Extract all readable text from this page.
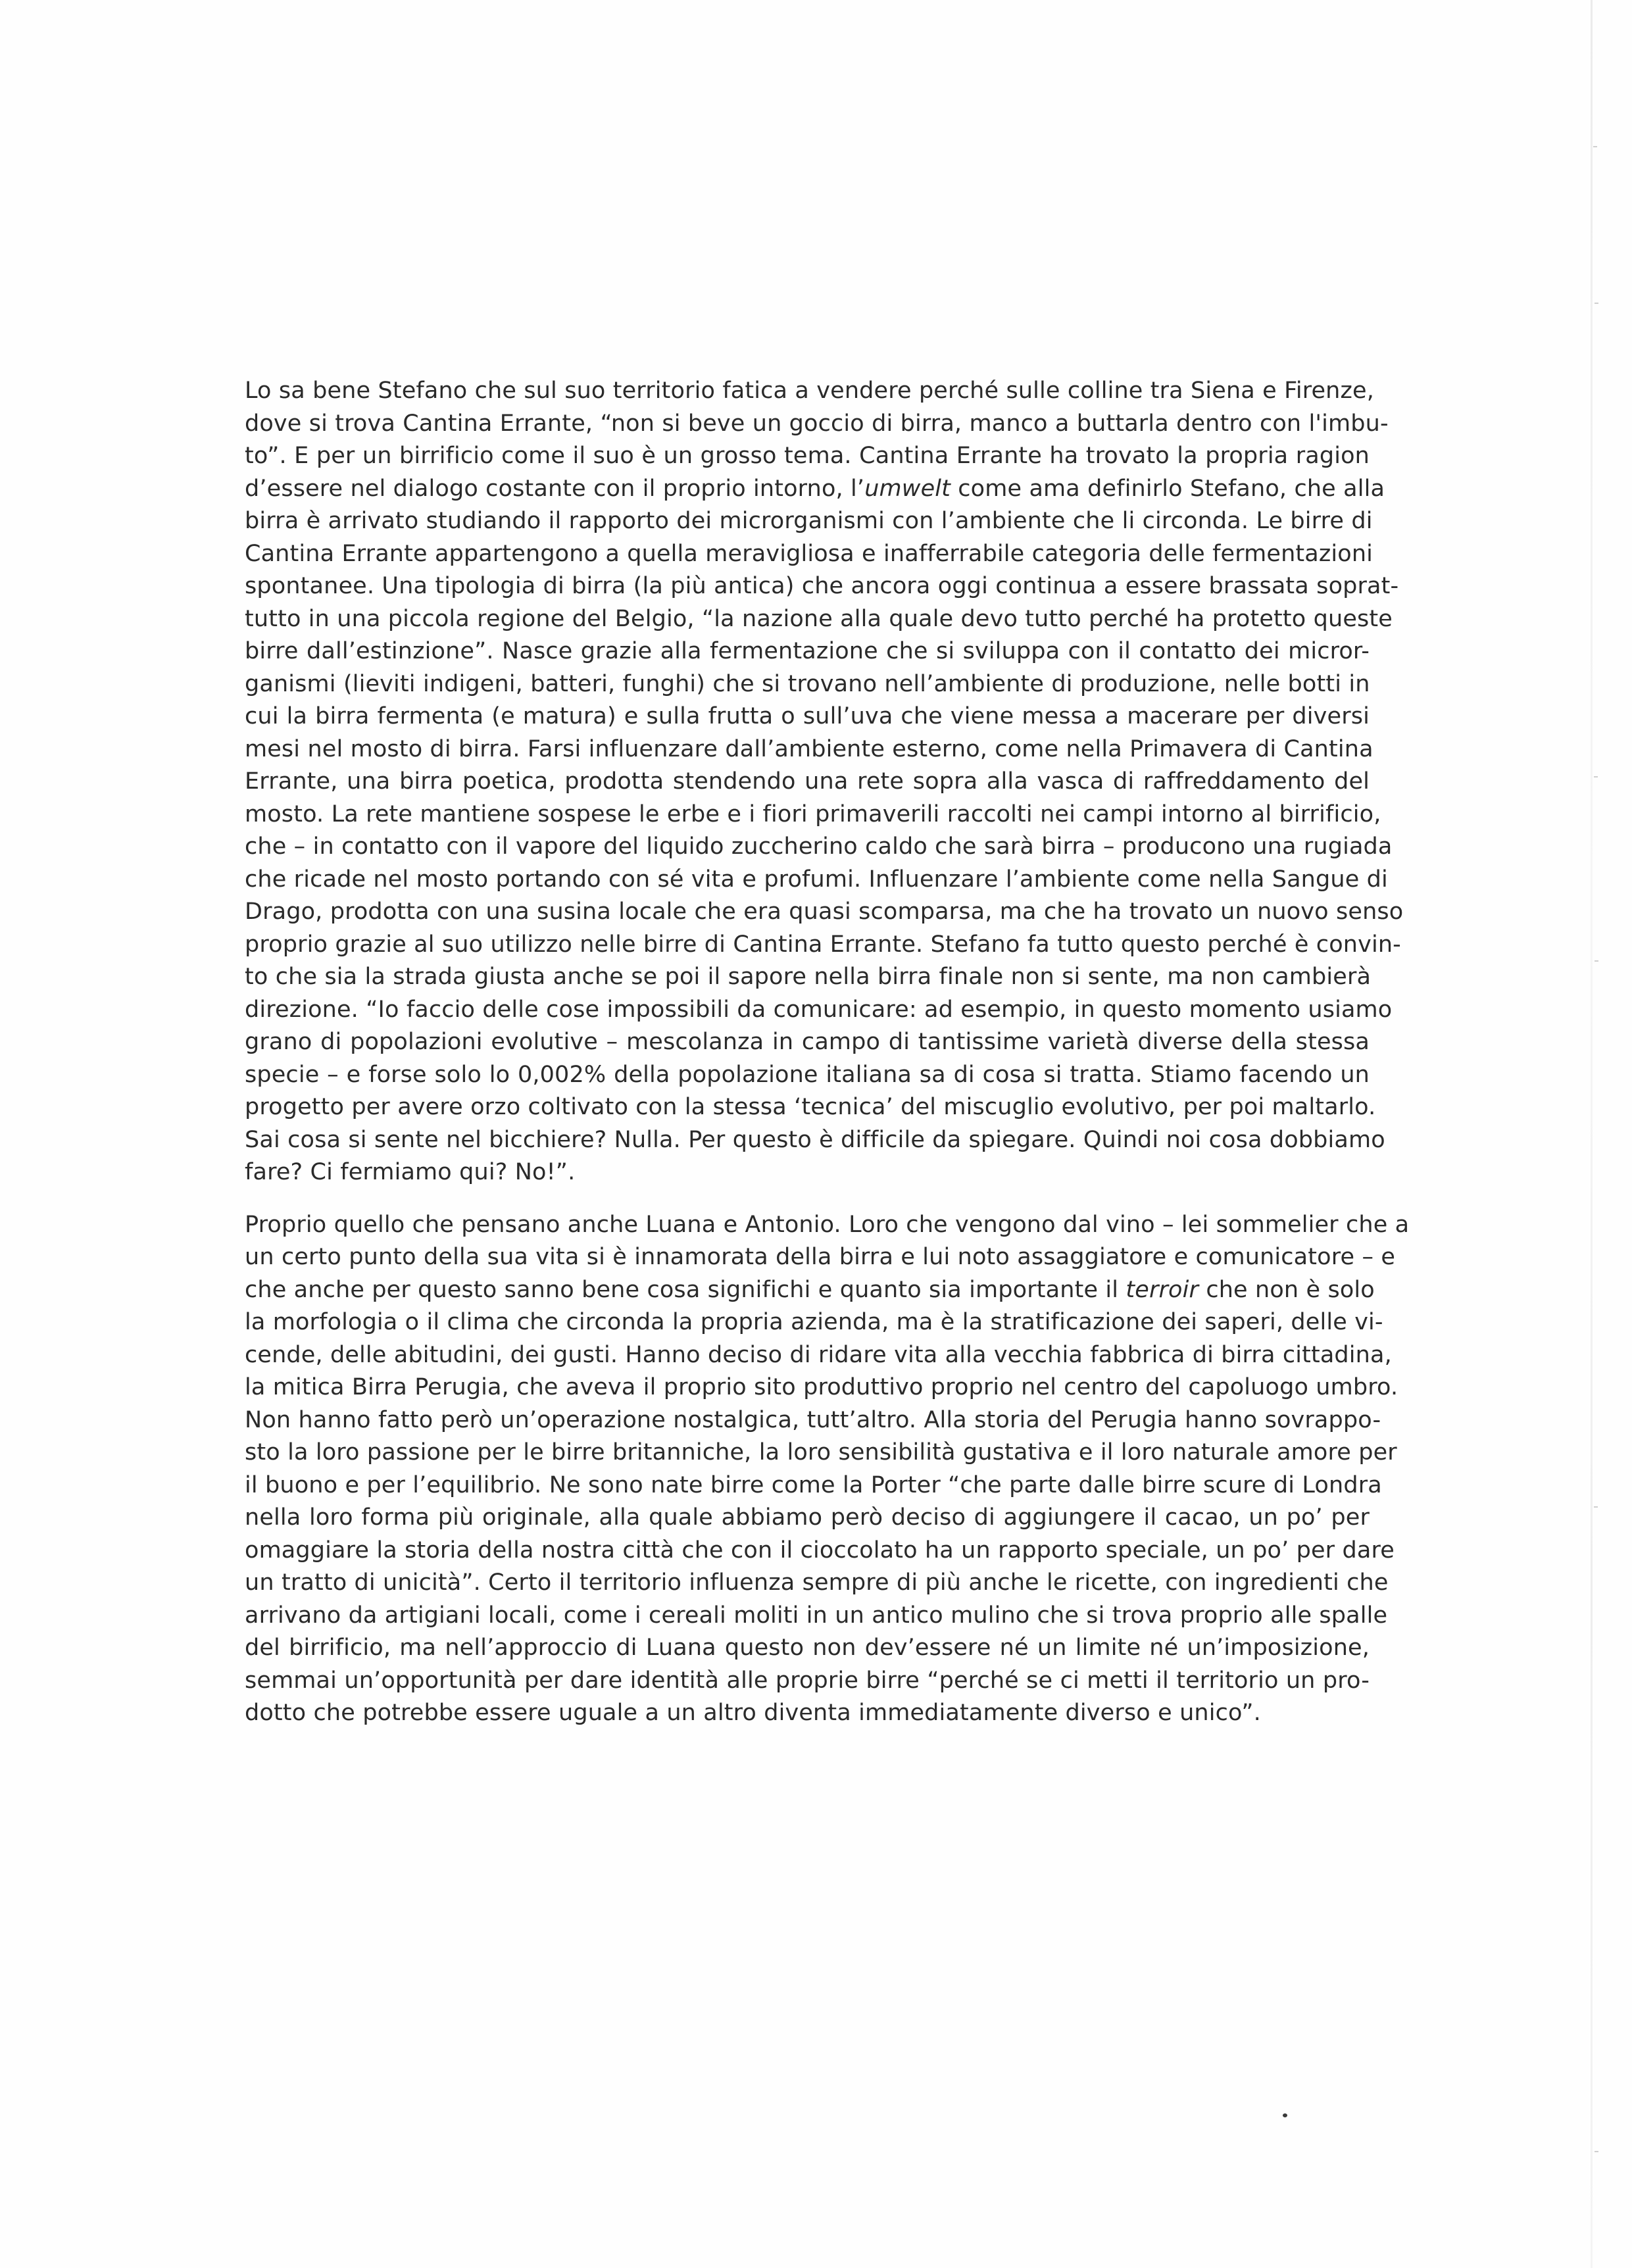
Lo sa bene Stefano che sul suo territorio fatica a vendere perché sulle colline tra Siena e Firenze,
dove si trova Cantina Errante, “non si beve un goccio di birra, manco a buttarla dentro con l'imbu-
to”. E per un birrificio come il suo è un grosso tema. Cantina Errante ha trovato la propria ragion
d’essere nel dialogo costante con il proprio intorno, l’umwelt come ama definirlo Stefano, che alla
birra è arrivato studiando il rapporto dei microrganismi con l’ambiente che li circonda. Le birre di
Cantina Errante appartengono a quella meravigliosa e inafferrabile categoria delle fermentazioni
spontanee. Una tipologia di birra (la più antica) che ancora oggi continua a essere brassata soprat-
tutto in una piccola regione del Belgio, “la nazione alla quale devo tutto perché ha protetto queste
birre dall’estinzione”. Nasce grazie alla fermentazione che si sviluppa con il contatto dei micror-
ganismi (lieviti indigeni, batteri, funghi) che si trovano nell’ambiente di produzione, nelle botti in
cui la birra fermenta (e matura) e sulla frutta o sull’uva che viene messa a macerare per diversi
mesi nel mosto di birra. Farsi influenzare dall’ambiente esterno, come nella Primavera di Cantina
Errante, una birra poetica, prodotta stendendo una rete sopra alla vasca di raffreddamento del
mosto. La rete mantiene sospese le erbe e i fiori primaverili raccolti nei campi intorno al birrificio,
che – in contatto con il vapore del liquido zuccherino caldo che sarà birra – producono una rugiada
che ricade nel mosto portando con sé vita e profumi. Influenzare l’ambiente come nella Sangue di
Drago, prodotta con una susina locale che era quasi scomparsa, ma che ha trovato un nuovo senso
proprio grazie al suo utilizzo nelle birre di Cantina Errante. Stefano fa tutto questo perché è convin-
to che sia la strada giusta anche se poi il sapore nella birra finale non si sente, ma non cambierà
direzione. “Io faccio delle cose impossibili da comunicare: ad esempio, in questo momento usiamo
grano di popolazioni evolutive – mescolanza in campo di tantissime varietà diverse della stessa
specie – e forse solo lo 0,002% della popolazione italiana sa di cosa si tratta. Stiamo facendo un
progetto per avere orzo coltivato con la stessa ‘tecnica’ del miscuglio evolutivo, per poi maltarlo.
Sai cosa si sente nel bicchiere? Nulla. Per questo è difficile da spiegare. Quindi noi cosa dobbiamo
fare? Ci fermiamo qui? No!”.

Proprio quello che pensano anche Luana e Antonio. Loro che vengono dal vino – lei sommelier che a
un certo punto della sua vita si è innamorata della birra e lui noto assaggiatore e comunicatore – e
che anche per questo sanno bene cosa significhi e quanto sia importante il terroir che non è solo
la morfologia o il clima che circonda la propria azienda, ma è la stratificazione dei saperi, delle vi-
cende, delle abitudini, dei gusti. Hanno deciso di ridare vita alla vecchia fabbrica di birra cittadina,
la mitica Birra Perugia, che aveva il proprio sito produttivo proprio nel centro del capoluogo umbro.
Non hanno fatto però un’operazione nostalgica, tutt’altro. Alla storia del Perugia hanno sovrappo-
sto la loro passione per le birre britanniche, la loro sensibilità gustativa e il loro naturale amore per
il buono e per l’equilibrio. Ne sono nate birre come la Porter “che parte dalle birre scure di Londra
nella loro forma più originale, alla quale abbiamo però deciso di aggiungere il cacao, un po’ per
omaggiare la storia della nostra città che con il cioccolato ha un rapporto speciale, un po’ per dare
un tratto di unicità”. Certo il territorio influenza sempre di più anche le ricette, con ingredienti che
arrivano da artigiani locali, come i cereali moliti in un antico mulino che si trova proprio alle spalle
del birrificio, ma nell’approccio di Luana questo non dev’essere né un limite né un’imposizione,
semmai un’opportunità per dare identità alle proprie birre “perché se ci metti il territorio un pro-
dotto che potrebbe essere uguale a un altro diventa immediatamente diverso e unico”.
